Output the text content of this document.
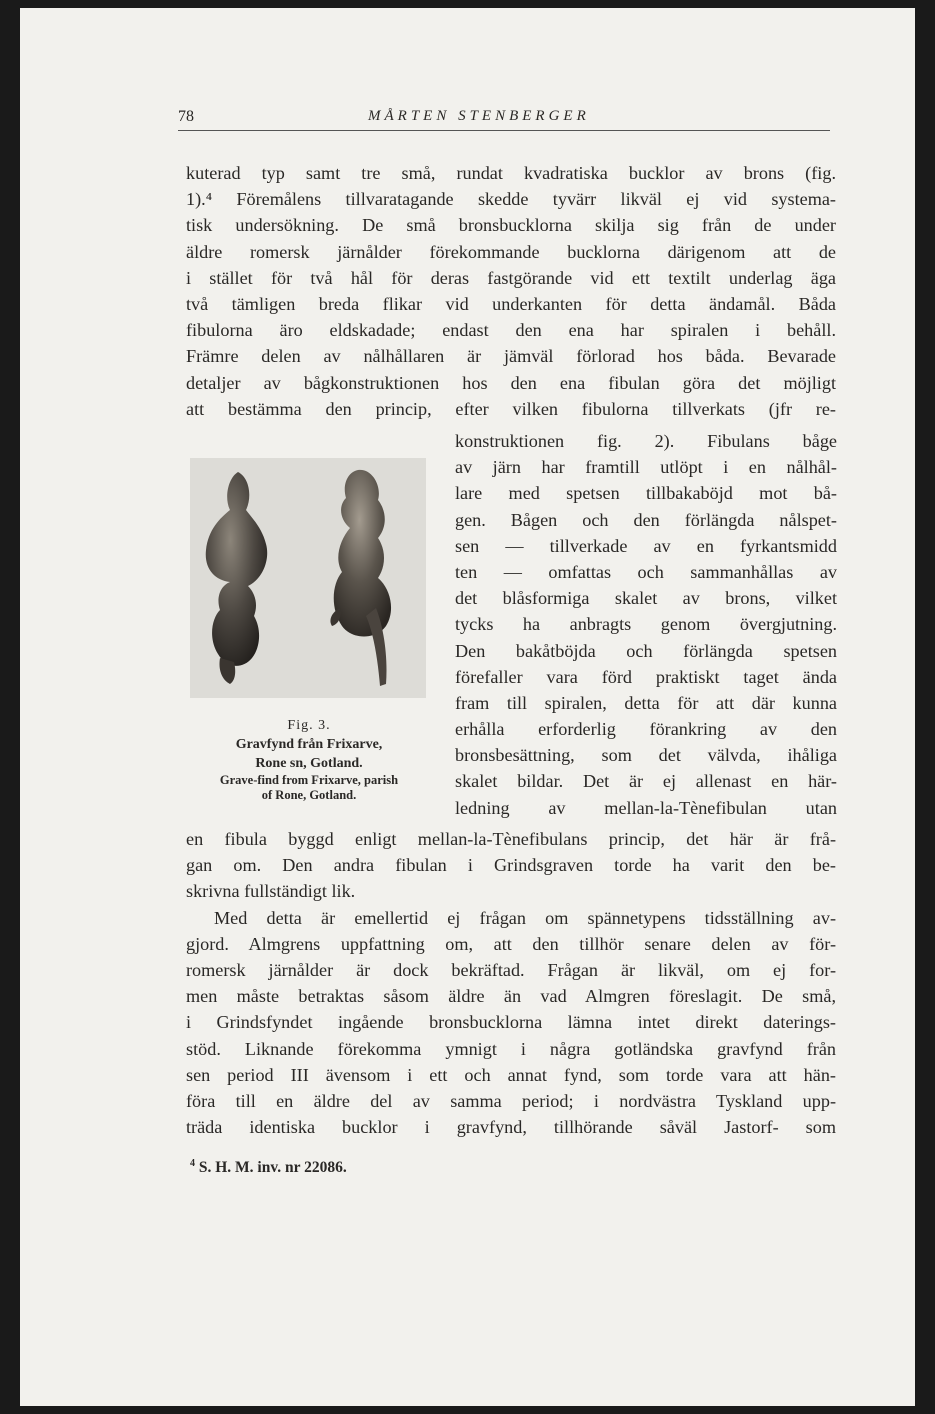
78	MÅRTEN STENBERGER
kuterad typ samt tre små, rundat kvadratiska bucklor av brons (fig.
1).⁴ Föremålens tillvaratagande skedde tyvärr likväl ej vid systema-
tisk undersökning. De små bronsbucklorna skilja sig från de under
äldre romersk järnålder förekommande bucklorna därigenom att de
i stället för två hål för deras fastgörande vid ett textilt underlag äga
två tämligen breda flikar vid underkanten för detta ändamål. Båda
fibulorna äro eldskadade; endast den ena har spiralen i behåll.
Främre delen av nålhållaren är jämväl förlorad hos båda. Bevarade
detaljer av bågkonstruktionen hos den ena fibulan göra det möjligt
att bestämma den princip, efter vilken fibulorna tillverkats (jfr re-
konstruktionen fig. 2). Fibulans båge
av järn har framtill utlöpt i en nålhål-
lare med spetsen tillbakaböjd mot bå-
gen. Bågen och den förlängda nålspet-
sen — tillverkade av en fyrkantsmidd
ten — omfattas och sammanhållas av
det blåsformiga skalet av brons, vilket
tycks ha anbragts genom övergjutning.
Den bakåtböjda och förlängda spetsen
förefaller vara förd praktiskt taget ända
fram till spiralen, detta för att där kunna
erhålla erforderlig förankring av den
bronsbesättning, som det välvda, ihåliga
skalet bildar. Det är ej allenast en här-
ledning av mellan-la-Tènefibulan utan
Fig. 3.
Gravfynd från Frixarve,
Rone sn, Gotland.
Grave-find from Frixarve, parish
of Rone, Gotland.
en fibula byggd enligt mellan-la-Tènefibulans princip, det här är frå-
gan om. Den andra fibulan i Grindsgraven torde ha varit den be-
skrivna fullständigt lik.
Med detta är emellertid ej frågan om spännetypens tidsställning av-
gjord. Almgrens uppfattning om, att den tillhör senare delen av för-
romersk järnålder är dock bekräftad. Frågan är likväl, om ej for-
men måste betraktas såsom äldre än vad Almgren föreslagit. De små,
i Grindsfyndet ingående bronsbucklorna lämna intet direkt daterings-
stöd. Liknande förekomma ymnigt i några gotländska gravfynd från
sen period III ävensom i ett och annat fynd, som torde vara att hän-
föra till en äldre del av samma period; i nordvästra Tyskland upp-
träda identiska bucklor i gravfynd, tillhörande såväl Jastorf- som
$^4$ S. H. M. inv. nr 22086.
